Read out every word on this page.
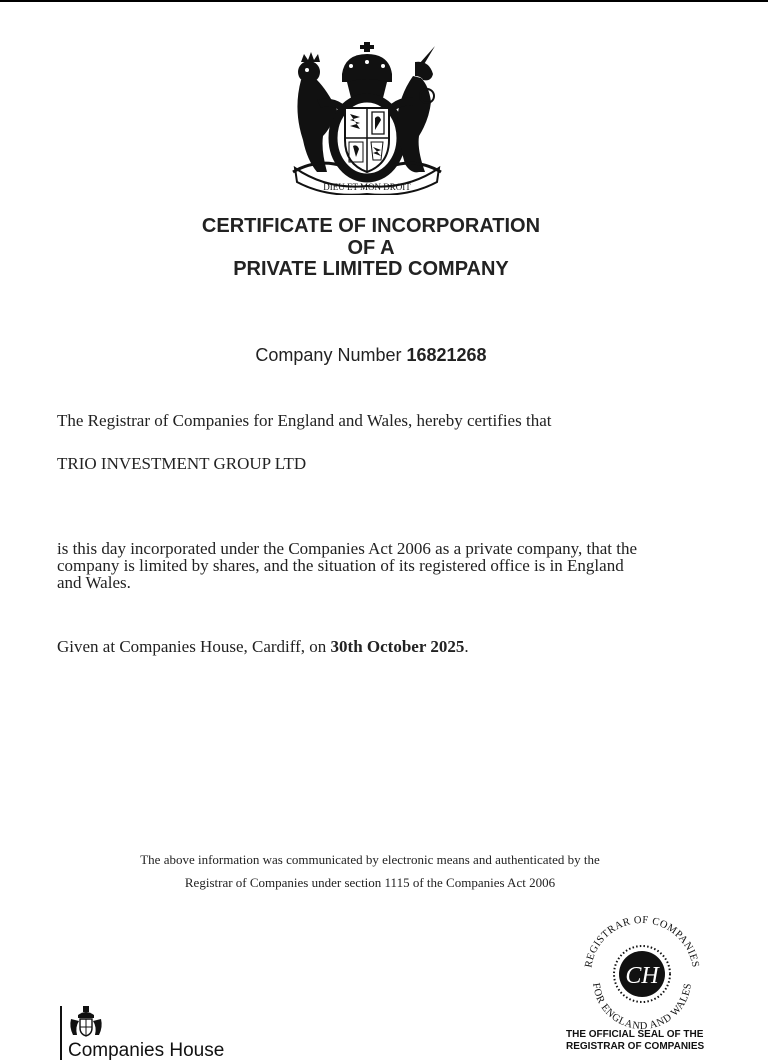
DIEU ET MON DROIT
CERTIFICATE OF INCORPORATION
OF A
PRIVATE LIMITED COMPANY
Company Number 16821268
The Registrar of Companies for England and Wales, hereby certifies that
TRIO INVESTMENT GROUP LTD
is this day incorporated under the Companies Act 2006 as a private company, that the
company is limited by shares, and the situation of its registered office is in England
and Wales.
Given at Companies House, Cardiff, on 30th October 2025.
The above information was communicated by electronic means and authenticated by the
Registrar of Companies under section 1115 of the Companies Act 2006
REGISTRAR OF COMPANIES
FOR ENGLAND AND WALES
CH
THE OFFICIAL SEAL OF THE
REGISTRAR OF COMPANIES
Companies House
